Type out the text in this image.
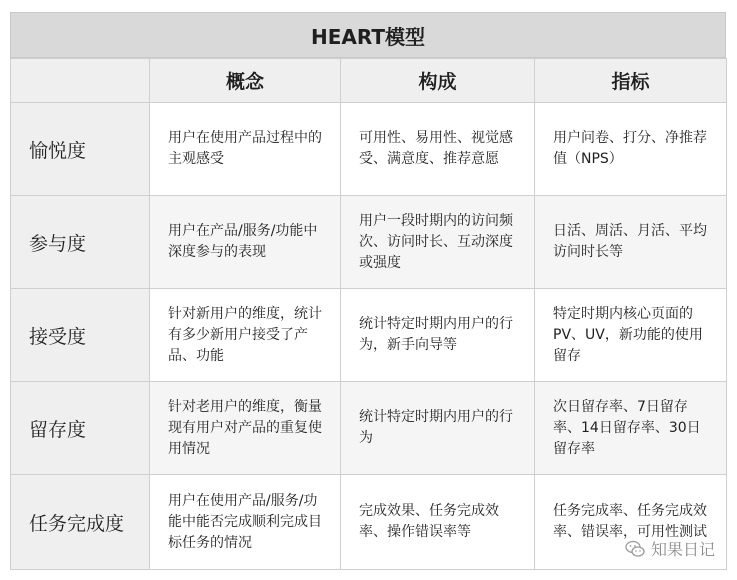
HEART模型
	概念	构成	指标
愉悦度	用户在使用产品过程中的主观感受	可用性、易用性、视觉感受、满意度、推荐意愿	用户问卷、打分、净推荐值（NPS）
参与度	用户在产品/服务/功能中深度参与的表现	用户一段时期内的访问频次、访问时长、互动深度或强度	日活、周活、月活、平均访问时长等
接受度	针对新用户的维度，统计有多少新用户接受了产品、功能	统计特定时期内用户的行为，新手向导等	特定时期内核心页面的PV、UV，新功能的使用留存
留存度	针对老用户的维度，衡量现有用户对产品的重复使用情况	统计特定时期内用户的行为	次日留存率、7日留存率、14日留存率、30日留存率
任务完成度	用户在使用产品/服务/功能中能否完成顺利完成目标任务的情况	完成效果、任务完成效率、操作错误率等	任务完成率、任务完成效率、错误率，可用性测试
知果日记
